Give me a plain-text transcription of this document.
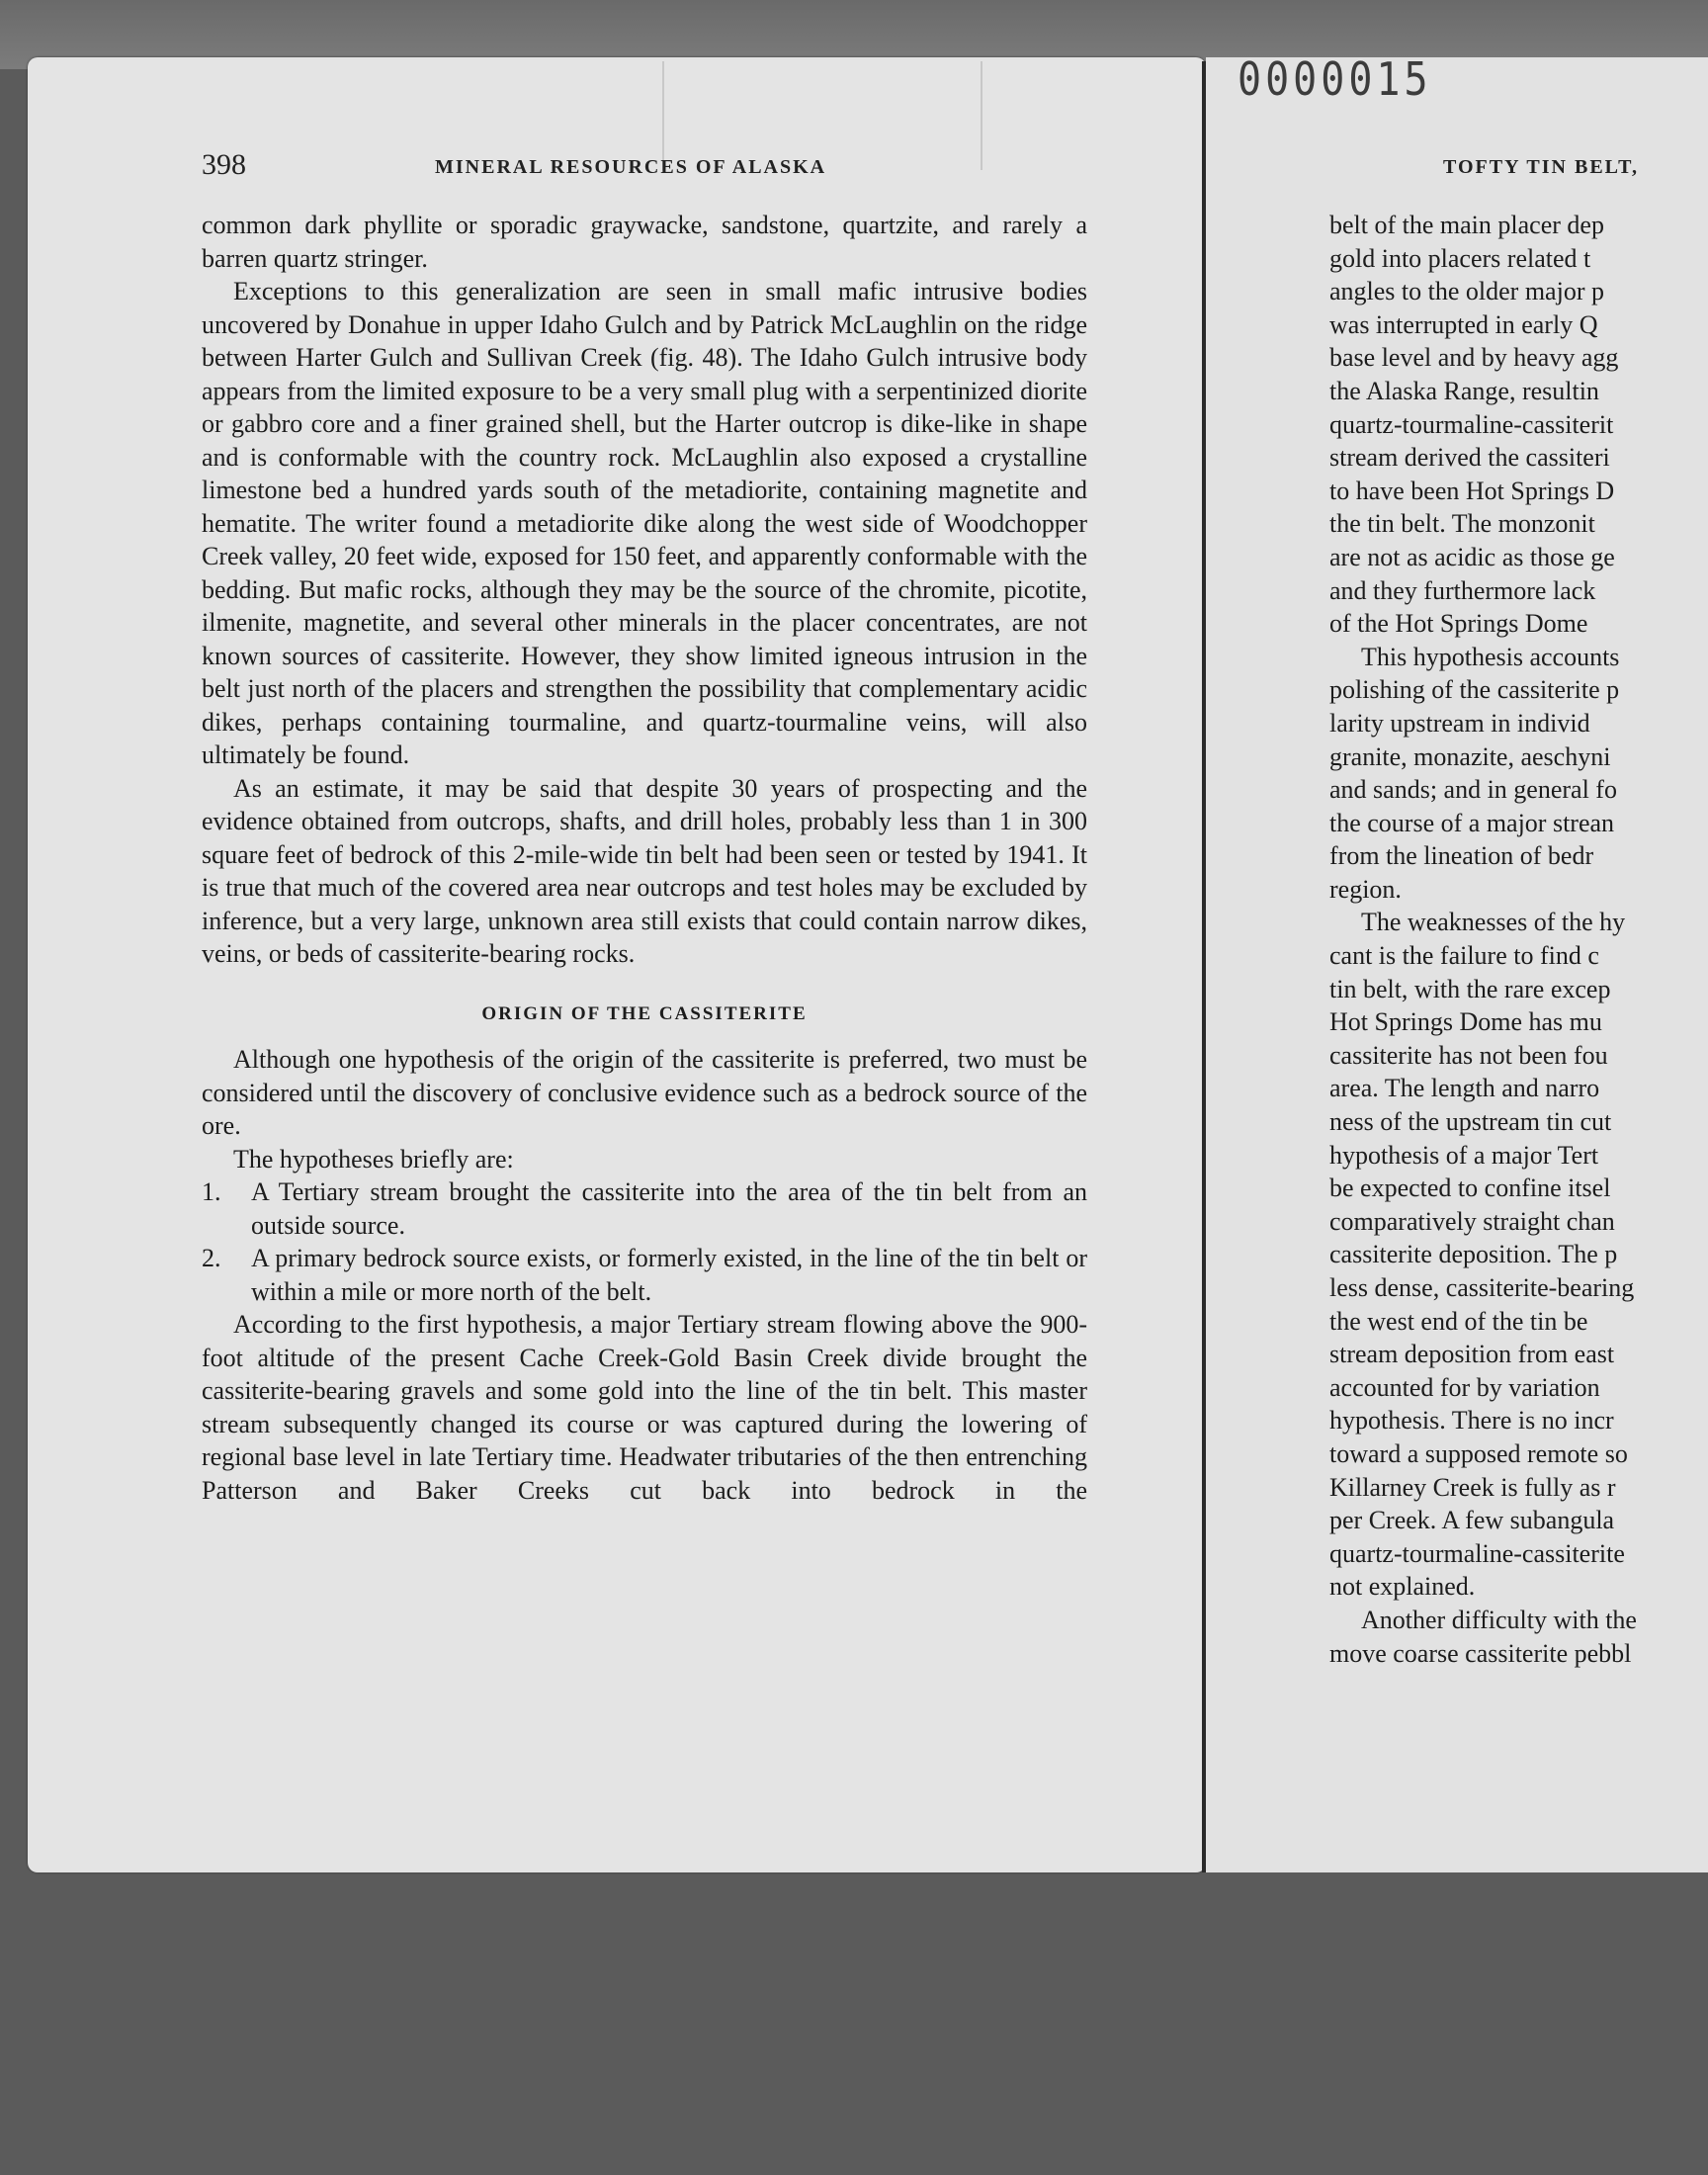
0000015
398	MINERAL RESOURCES OF ALASKA	TOFTY TIN BELT,

common dark phyllite or sporadic graywacke, sandstone, quartzite, and rarely a barren quartz stringer.

Exceptions to this generalization are seen in small mafic intrusive bodies uncovered by Donahue in upper Idaho Gulch and by Patrick McLaughlin on the ridge between Harter Gulch and Sullivan Creek (fig. 48). The Idaho Gulch intrusive body appears from the limited exposure to be a very small plug with a serpentinized diorite or gabbro core and a finer grained shell, but the Harter outcrop is dike-like in shape and is conformable with the country rock. McLaughlin also exposed a crystalline limestone bed a hundred yards south of the metadiorite, containing magnetite and hematite. The writer found a metadiorite dike along the west side of Woodchopper Creek valley, 20 feet wide, exposed for 150 feet, and apparently conformable with the bedding. But mafic rocks, although they may be the source of the chromite, picotite, ilmenite, magnetite, and several other minerals in the placer concentrates, are not known sources of cassiterite. However, they show limited igneous intrusion in the belt just north of the placers and strengthen the possibility that complementary acidic dikes, perhaps containing tourmaline, and quartz-tourmaline veins, will also ultimately be found.

As an estimate, it may be said that despite 30 years of prospecting and the evidence obtained from outcrops, shafts, and drill holes, probably less than 1 in 300 square feet of bedrock of this 2-mile-wide tin belt had been seen or tested by 1941. It is true that much of the covered area near outcrops and test holes may be excluded by inference, but a very large, unknown area still exists that could contain narrow dikes, veins, or beds of cassiterite-bearing rocks.

ORIGIN OF THE CASSITERITE

Although one hypothesis of the origin of the cassiterite is preferred, two must be considered until the discovery of conclusive evidence such as a bedrock source of the ore.

The hypotheses briefly are:

1. A Tertiary stream brought the cassiterite into the area of the tin belt from an outside source.
2. A primary bedrock source exists, or formerly existed, in the line of the tin belt or within a mile or more north of the belt.

According to the first hypothesis, a major Tertiary stream flowing above the 900-foot altitude of the present Cache Creek-Gold Basin Creek divide brought the cassiterite-bearing gravels and some gold into the line of the tin belt. This master stream subsequently changed its course or was captured during the lowering of regional base level in late Tertiary time. Headwater tributaries of the then entrenching Patterson and Baker Creeks cut back into bedrock in the

belt of the main placer dep
gold into placers related t
angles to the older major p
was interrupted in early Q
base level and by heavy agg
the Alaska Range, resultin
quartz-tourmaline-cassiterit
stream derived the cassiteri
to have been Hot Springs D
the tin belt. The monzonit
are not as acidic as those ge
and they furthermore lack
of the Hot Springs Dome
This hypothesis accounts
polishing of the cassiterite p
larity upstream in individ
granite, monazite, aeschyni
and sands; and in general fo
the course of a major strean
from the lineation of bedr
region.
The weaknesses of the hy
cant is the failure to find c
tin belt, with the rare excep
Hot Springs Dome has mu
cassiterite has not been fou
area. The length and narro
ness of the upstream tin cut
hypothesis of a major Tert
be expected to confine itsel
comparatively straight chan
cassiterite deposition. The p
less dense, cassiterite-bearing
the west end of the tin be
stream deposition from east
accounted for by variation
hypothesis. There is no incr
toward a supposed remote so
Killarney Creek is fully as r
per Creek. A few subangula
quartz-tourmaline-cassiterite
not explained.
Another difficulty with the
move coarse cassiterite pebbl
